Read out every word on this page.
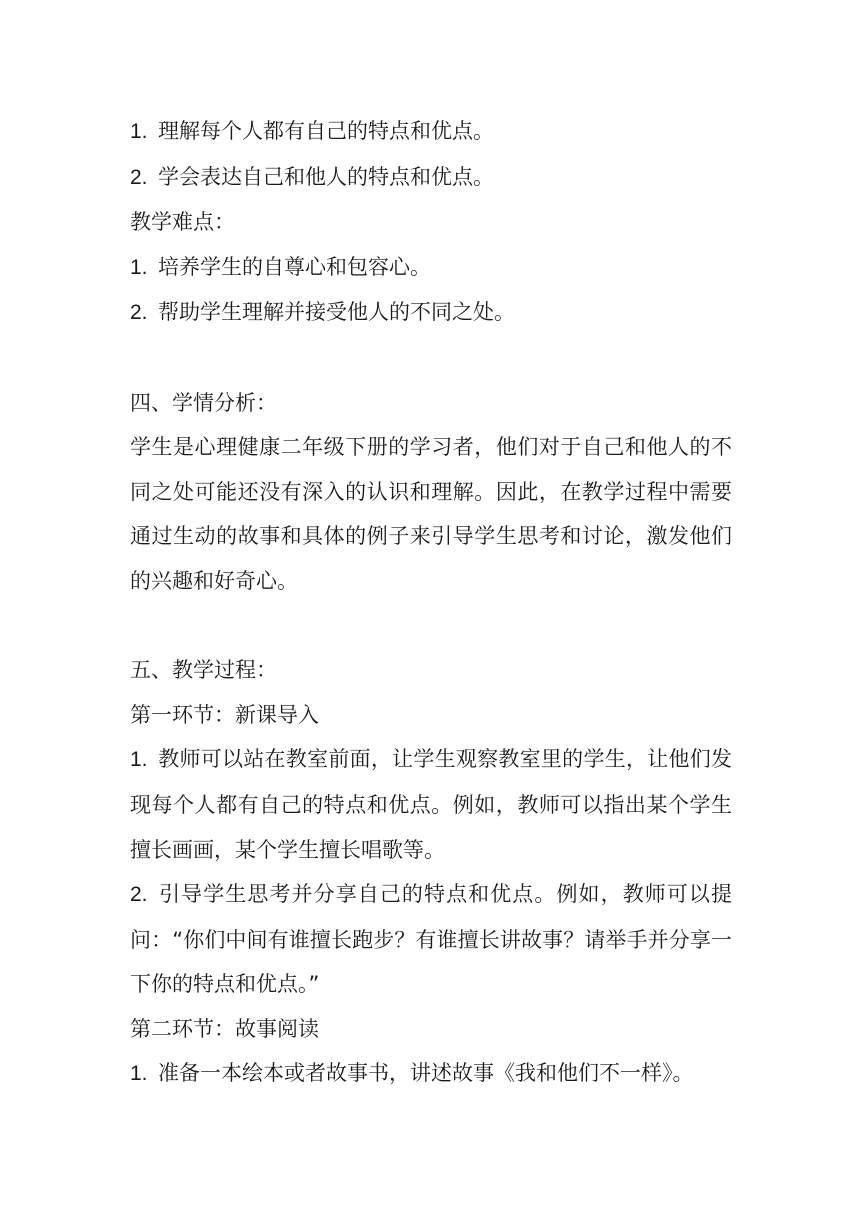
1. 理解每个人都有自己的特点和优点。

2. 学会表达自己和他人的特点和优点。

教学难点：

1. 培养学生的自尊心和包容心。

2. 帮助学生理解并接受他人的不同之处。

四、学情分析：

学生是心理健康二年级下册的学习者，他们对于自己和他人的不同之处可能还没有深入的认识和理解。因此，在教学过程中需要通过生动的故事和具体的例子来引导学生思考和讨论，激发他们的兴趣和好奇心。

五、教学过程：

第一环节：新课导入

1. 教师可以站在教室前面，让学生观察教室里的学生，让他们发现每个人都有自己的特点和优点。例如，教师可以指出某个学生擅长画画，某个学生擅长唱歌等。

2. 引导学生思考并分享自己的特点和优点。例如，教师可以提问：“你们中间有谁擅长跑步？有谁擅长讲故事？请举手并分享一下你的特点和优点。”

第二环节：故事阅读

1. 准备一本绘本或者故事书，讲述故事《我和他们不一样》。
